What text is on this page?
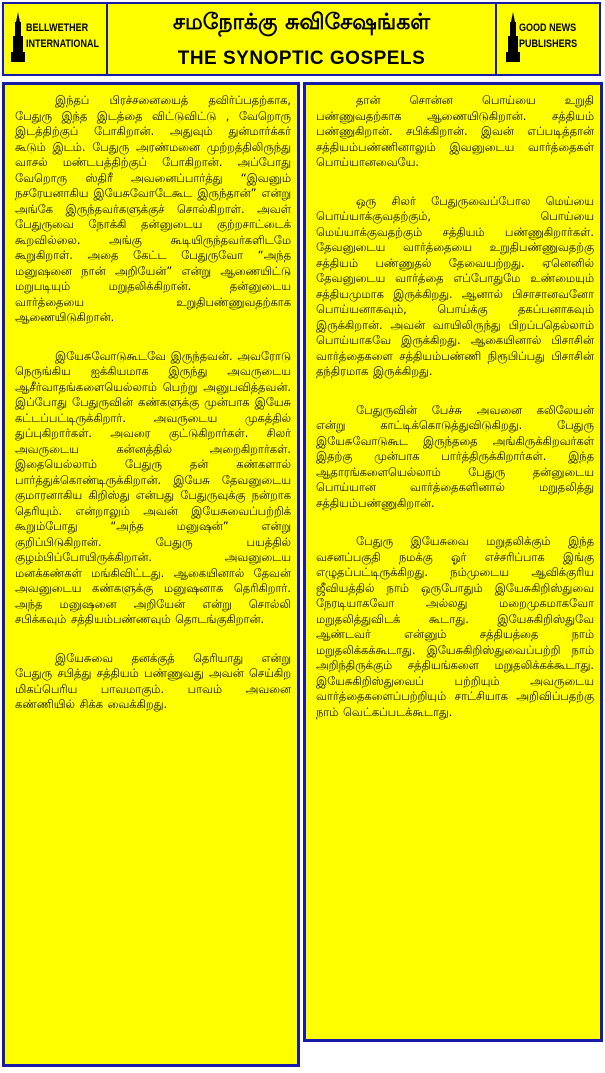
BELLWETHER
INTERNATIONAL
சமநோக்கு சுவிசேஷங்கள்
THE SYNOPTIC GOSPELS
GOOD NEWS
PUBLISHERS

இந்தப் பிரச்சனையைத் தவிர்ப்பதற்காக, பேதுரு இந்த இடத்தை விட்டுவிட்டு , வேறொரு இடத்திற்குப் போகிறான். அதுவும் துன்மார்க்கர் கூடும் இடம். பேதுரு அரண்மனை முற்றத்திலிருந்து வாசல் மண்டபத்திற்குப் போகிறான். அப்போது வேறொரு ஸ்திரீ அவனைப்பார்த்து “இவனும் நசரேயனாகிய இயேசுவோடேகூட இருந்தான்” என்று அங்கே இருந்தவர்களுக்குச் சொல்கிறாள். அவள் பேதுருவை நோக்கி தன்னுடைய குற்றசாட்டைக் கூறவில்லை. அங்கு கூடியிருந்தவர்களிடமே கூறுகிறாள். அதை கேட்ட பேதுருவோ “அந்த மனுஷனை நான் அறியேன்” என்று ஆணையிட்டு மறுபடியும் மறுதலிக்கிறான். தன்னுடைய வார்த்தையை உறுதிபண்ணுவதற்காக ஆணையிடுகிறான்.

இயேசுவோடுகூடவே இருந்தவன். அவரோடு நெருங்கிய ஐக்கியமாக இருந்து அவருடைய ஆசீர்வாதங்களையெல்லாம் பெற்று அனுபவித்தவன். இப்போது பேதுருவின் கண்களுக்கு முன்பாக இயேசு கட்டப்பட்டிருக்கிறார். அவருடைய முகத்தில் துப்புகிறார்கள். அவரை குட்டுகிறார்கள். சிலர் அவருடைய கன்னத்தில் அறைகிறார்கள். இதையெல்லாம் பேதுரு தன் கண்களால் பார்த்துக்கொண்டிருக்கிறான். இயேசு தேவனுடைய குமாரனாகிய கிறிஸ்து என்பது பேதுருவுக்கு நன்றாக தெரியும். என்றாலும் அவன் இயேசுவைப்பற்றிக் கூறும்போது “அந்த மனுஷன்” என்று குறிப்பிடுகிறான். பேதுரு பயத்தில் குழம்பிப்போயிருக்கிறான். அவனுடைய மனக்கண்கள் மங்கிவிட்டது. ஆகையினால் தேவன் அவனுடைய கண்களுக்கு மனுஷனாக தெரிகிறார். அந்த மனுஷனை அறியேன் என்று சொல்லி சபிக்கவும் சத்தியம்பண்ணவும் தொடங்குகிறான்.

இயேசுவை தனக்குத் தெரியாது என்று பேதுரு சபித்து சத்தியம் பண்ணுவது அவன் செய்கிற மிகப்பெரிய பாவமாகும். பாவம் அவனை கண்ணியில் சிக்க வைக்கிறது.

தான் சொன்ன பொய்யை உறுதி பண்ணுவதற்காக ஆணையிடுகிறான். சத்தியம் பண்ணுகிறான். சபிக்கிறான். இவன் எப்படித்தான் சத்தியம்பண்ணினாலும் இவனுடைய வார்த்தைகள் பொய்யானவையே.

ஒரு சிலர் பேதுருவைப்போல மெய்யை பொய்யாக்குவதற்கும், பொய்யை மெய்யாக்குவதற்கும் சத்தியம் பண்ணுகிறார்கள். தேவனுடைய வார்த்தையை உறுதிபண்ணுவதற்கு சத்தியம் பண்ணுதல் தேவையற்றது. ஏனெனில் தேவனுடைய வார்த்தை எப்போதுமே உண்மையும் சத்தியமுமாக இருக்கிறது. ஆனால் பிசாசானவனோ பொய்யனாகவும், பொய்க்கு தகப்பனாகவும் இருக்கிறான். அவன் வாயிலிருந்து பிறப்பதெல்லாம் பொய்யாகவே இருக்கிறது. ஆகையினால் பிசாசின் வார்த்தைகளை சத்தியம்பண்ணி நிரூபிப்பது பிசாசின் தந்திரமாக இருக்கிறது.

பேதுருவின் பேச்சு அவனை கலிலேயன் என்று காட்டிக்கொடுத்துவிடுகிறது. பேதுரு இயேசுவோடுகூட இருந்ததை அங்கிருக்கிறவர்கள் இதற்கு முன்பாக பார்த்திருக்கிறார்கள். இந்த ஆதாரங்களையெல்லாம் பேதுரு தன்னுடைய பொய்யான வார்த்தைகளினால் மறுதலித்து சத்தியம்பண்ணுகிறான்.

பேதுரு இயேசுவை மறுதலிக்கும் இந்த வசனப்பகுதி நமக்கு ஓர் எச்சரிப்பாக இங்கு எழுதப்பட்டிருக்கிறது. நம்முடைய ஆவிக்குரிய ஜீவியத்தில் நாம் ஒருபோதும் இயேசுகிறிஸ்துவை நேரடியாகவோ அல்லது மறைமுகமாகவோ மறுதலித்துவிடக் கூடாது. இயேசுகிறிஸ்துவே ஆண்டவர் என்னும் சத்தியத்தை நாம் மறுதலிக்கக்கூடாது. இயேசுகிறிஸ்துவைப்பற்றி நாம் அறிந்திருக்கும் சத்தியங்களை மறுதலிக்கக்கூடாது. இயேசுகிறிஸ்துவைப் பற்றியும் அவருடைய வார்த்தைகளைப்பற்றியும் சாட்சியாக அறிவிப்பதற்கு நாம் வெட்கப்படக்கூடாது.
